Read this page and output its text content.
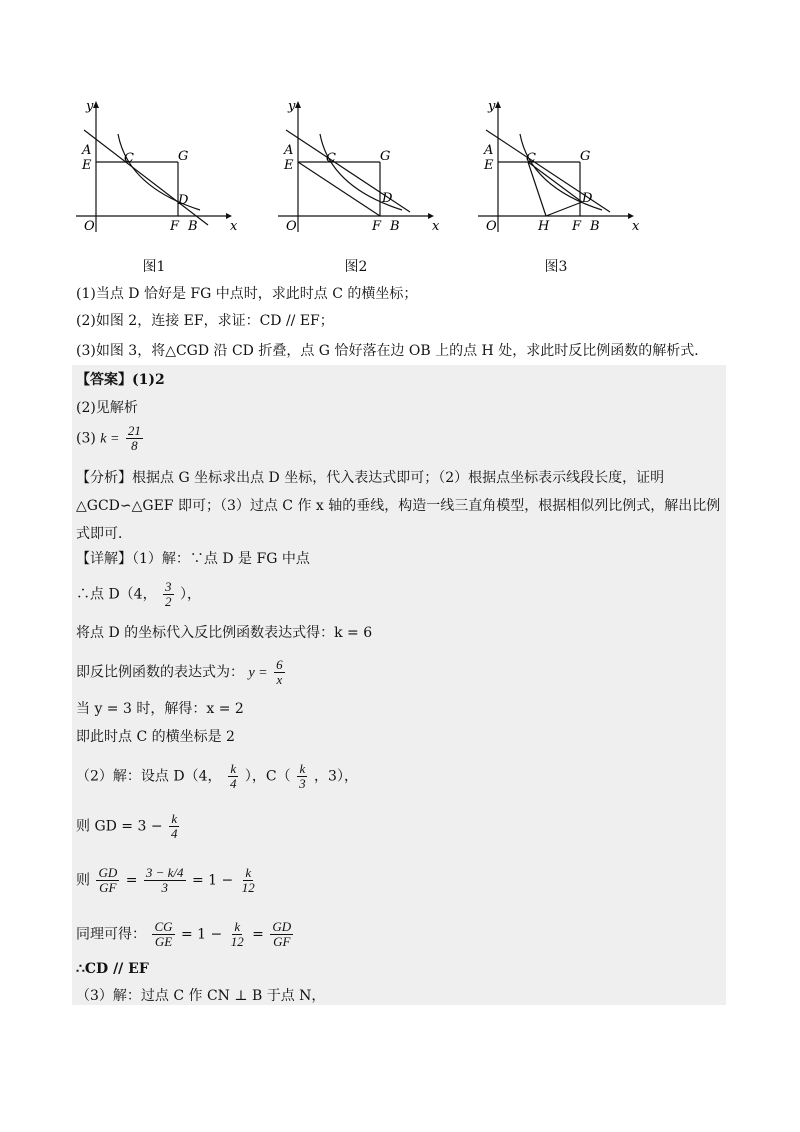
y
x
A
E	C	G
D
O	F B
图1
y
x
A
E	C	G
D
O	F B
图2
y
x
A
E	C	G
D
O	H F B
图3
(1)当点 D 恰好是 FG 中点时，求此时点 C 的横坐标；
(2)如图 2，连接 EF，求证：CD // EF；
(3)如图 3，将△CGD 沿 CD 折叠，点 G 恰好落在边 OB 上的点 H 处，求此时反比例函数的解析式．
【答案】(1)2
(2)见解析
(3) $k = \frac{21}{8}$
【分析】根据点 G 坐标求出点 D 坐标，代入表达式即可；（2）根据点坐标表示线段长度，证明
△GCD∽△GEF 即可；（3）过点 C 作 x 轴的垂线，构造一线三直角模型，根据相似列比例式，解出比例
式即可．
【详解】（1）解：∵点 D 是 FG 中点
∴点 D（4， $\frac{3}{2}$ ），
将点 D 的坐标代入反比例函数表达式得：k = 6
即反比例函数的表达式为： $y = \frac{6}{x}$
当 y = 3 时，解得：x = 2
即此时点 C 的横坐标是 2
（2）解：设点 D（4， $\frac{k}{4}$ ），$C( \frac{k}{3}$ ，3），
则 GD = $3 - \frac{k}{4}$
则 $\frac{GD}{GF} = \frac{3 - k/4}{3} = 1 - \frac{k}{12}$
同理可得： $\frac{CG}{GE} = 1 - \frac{k}{12} = \frac{GD}{GF}$
∴CD // EF
（3）解：过点 C 作 CN ⊥ B 于点 N，
